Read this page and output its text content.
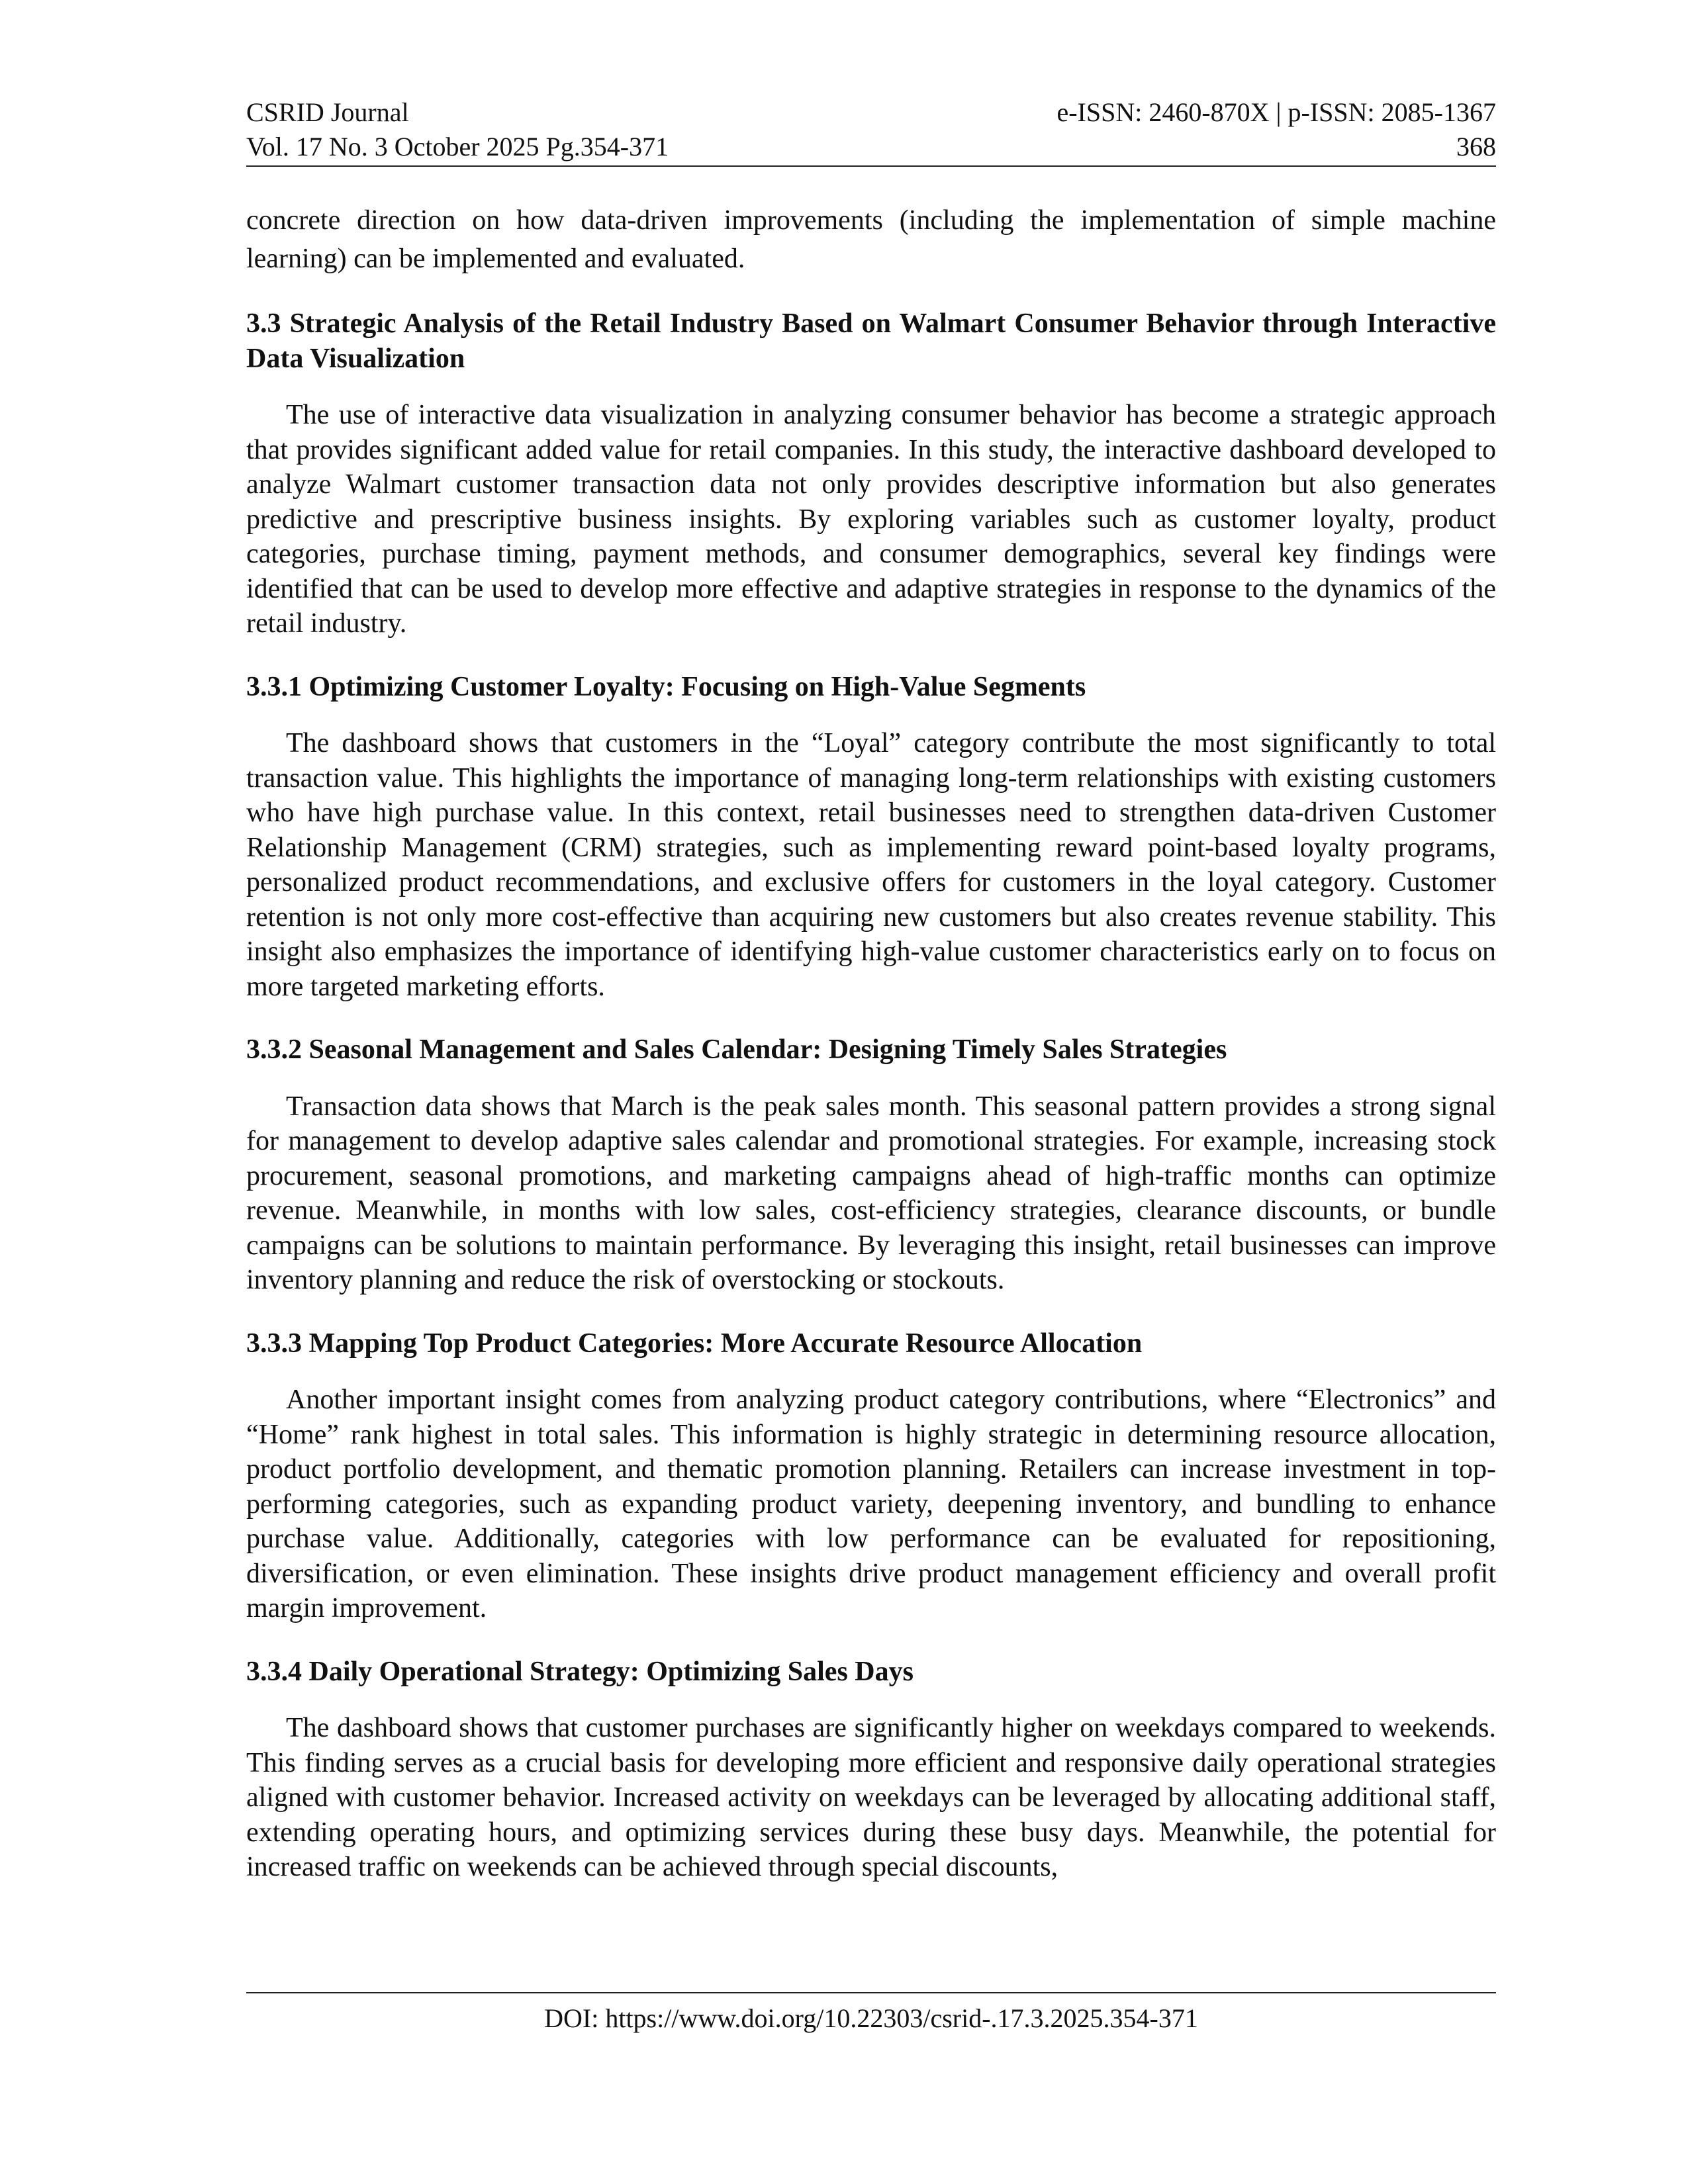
CSRID Journal
Vol. 17 No. 3 October 2025 Pg.354-371
e-ISSN: 2460-870X | p-ISSN: 2085-1367
368

concrete direction on how data-driven improvements (including the implementation of simple machine learning) can be implemented and evaluated.

3.3 Strategic Analysis of the Retail Industry Based on Walmart Consumer Behavior through Interactive Data Visualization

The use of interactive data visualization in analyzing consumer behavior has become a strategic approach that provides significant added value for retail companies. In this study, the interactive dashboard developed to analyze Walmart customer transaction data not only provides descriptive information but also generates predictive and prescriptive business insights. By exploring variables such as customer loyalty, product categories, purchase timing, payment methods, and consumer demographics, several key findings were identified that can be used to develop more effective and adaptive strategies in response to the dynamics of the retail industry.

3.3.1 Optimizing Customer Loyalty: Focusing on High-Value Segments

The dashboard shows that customers in the “Loyal” category contribute the most significantly to total transaction value. This highlights the importance of managing long-term relationships with existing customers who have high purchase value. In this context, retail businesses need to strengthen data-driven Customer Relationship Management (CRM) strategies, such as implementing reward point-based loyalty programs, personalized product recommendations, and exclusive offers for customers in the loyal category. Customer retention is not only more cost-effective than acquiring new customers but also creates revenue stability. This insight also emphasizes the importance of identifying high-value customer characteristics early on to focus on more targeted marketing efforts.

3.3.2 Seasonal Management and Sales Calendar: Designing Timely Sales Strategies

Transaction data shows that March is the peak sales month. This seasonal pattern provides a strong signal for management to develop adaptive sales calendar and promotional strategies. For example, increasing stock procurement, seasonal promotions, and marketing campaigns ahead of high-traffic months can optimize revenue. Meanwhile, in months with low sales, cost-efficiency strategies, clearance discounts, or bundle campaigns can be solutions to maintain performance. By leveraging this insight, retail businesses can improve inventory planning and reduce the risk of overstocking or stockouts.

3.3.3 Mapping Top Product Categories: More Accurate Resource Allocation

Another important insight comes from analyzing product category contributions, where “Electronics” and “Home” rank highest in total sales. This information is highly strategic in determining resource allocation, product portfolio development, and thematic promotion planning. Retailers can increase investment in top-performing categories, such as expanding product variety, deepening inventory, and bundling to enhance purchase value. Additionally, categories with low performance can be evaluated for repositioning, diversification, or even elimination. These insights drive product management efficiency and overall profit margin improvement.

3.3.4 Daily Operational Strategy: Optimizing Sales Days

The dashboard shows that customer purchases are significantly higher on weekdays compared to weekends. This finding serves as a crucial basis for developing more efficient and responsive daily operational strategies aligned with customer behavior. Increased activity on weekdays can be leveraged by allocating additional staff, extending operating hours, and optimizing services during these busy days. Meanwhile, the potential for increased traffic on weekends can be achieved through special discounts,

DOI: https://www.doi.org/10.22303/csrid-.17.3.2025.354-371
